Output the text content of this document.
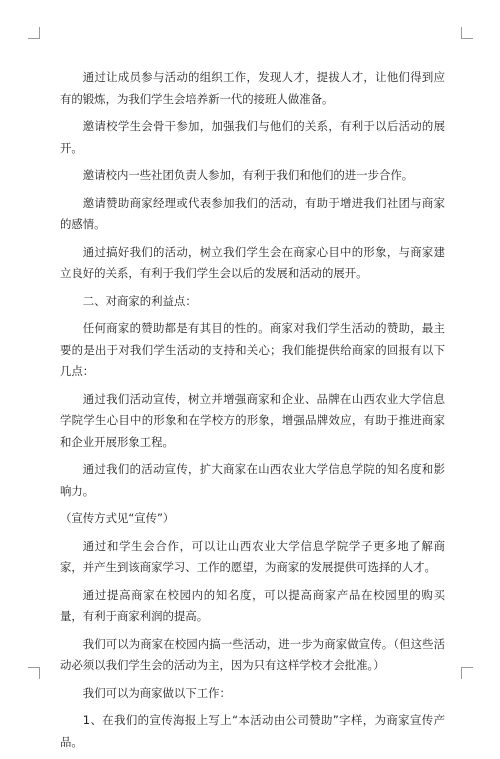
通过让成员参与活动的组织工作，发现人才，提拔人才，让他们得到应有的锻炼，为我们学生会培养新一代的接班人做准备。

邀请校学生会骨干参加，加强我们与他们的关系，有利于以后活动的展开。

邀请校内一些社团负责人参加，有利于我们和他们的进一步合作。

邀请赞助商家经理或代表参加我们的活动，有助于增进我们社团与商家的感情。

通过搞好我们的活动，树立我们学生会在商家心目中的形象，与商家建立良好的关系，有利于我们学生会以后的发展和活动的展开。

二、对商家的利益点：

任何商家的赞助都是有其目的性的。商家对我们学生活动的赞助，最主要的是出于对我们学生活动的支持和关心；我们能提供给商家的回报有以下几点：

通过我们活动宣传，树立并增强商家和企业、品牌在山西农业大学信息学院学生心目中的形象和在学校方的形象，增强品牌效应，有助于推进商家和企业开展形象工程。

通过我们的活动宣传，扩大商家在山西农业大学信息学院的知名度和影响力。

（宣传方式见“宣传”）

通过和学生会合作，可以让山西农业大学信息学院学子更多地了解商家，并产生到该商家学习、工作的愿望，为商家的发展提供可选择的人才。

通过提高商家在校园内的知名度，可以提高商家产品在校园里的购买量，有利于商家利润的提高。

我们可以为商家在校园内搞一些活动，进一步为商家做宣传。（但这些活动必须以我们学生会的活动为主，因为只有这样学校才会批准。）

我们可以为商家做以下工作：

1、在我们的宣传海报上写上“本活动由公司赞助”字样，为商家宣传产品。
